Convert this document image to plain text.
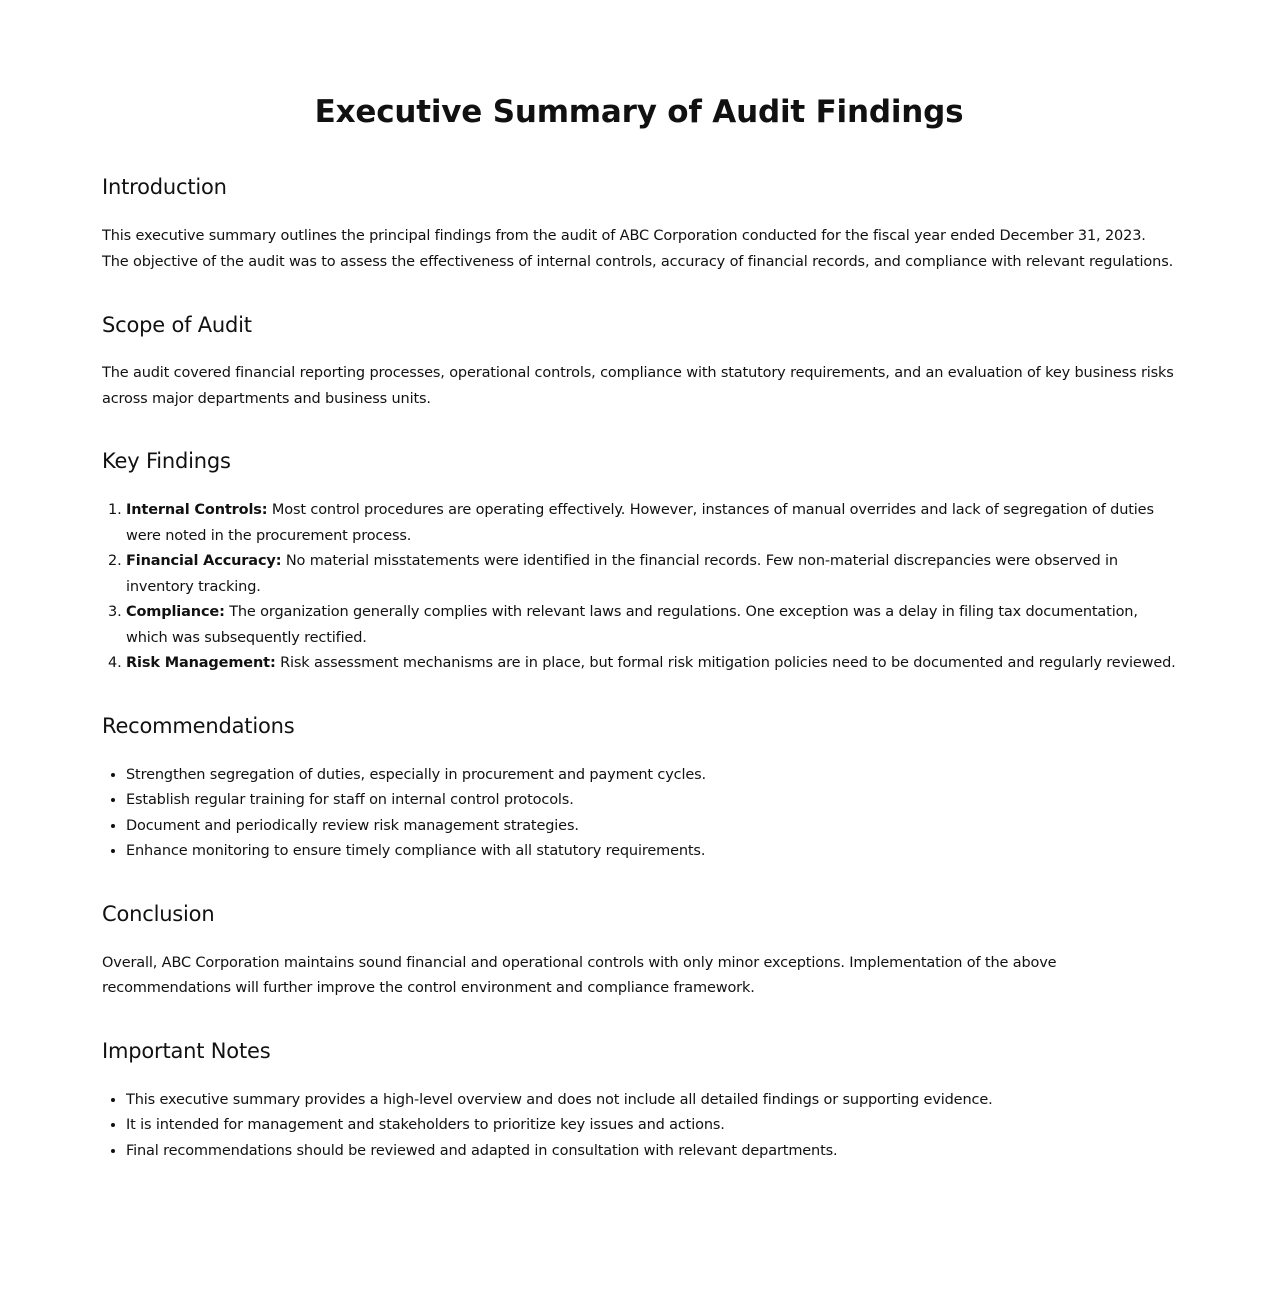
Executive Summary of Audit Findings
Introduction

This executive summary outlines the principal findings from the audit of ABC Corporation conducted for the fiscal year ended December 31, 2023. The objective of the audit was to assess the effectiveness of internal controls, accuracy of financial records, and compliance with relevant regulations.

Scope of Audit

The audit covered financial reporting processes, operational controls, compliance with statutory requirements, and an evaluation of key business risks across major departments and business units.

Key Findings
1. Internal Controls: Most control procedures are operating effectively. However, instances of manual overrides and lack of segregation of duties were noted in the procurement process.
2. Financial Accuracy: No material misstatements were identified in the financial records. Few non-material discrepancies were observed in inventory tracking.
3. Compliance: The organization generally complies with relevant laws and regulations. One exception was a delay in filing tax documentation, which was subsequently rectified.
4. Risk Management: Risk assessment mechanisms are in place, but formal risk mitigation policies need to be documented and regularly reviewed.
Recommendations
• Strengthen segregation of duties, especially in procurement and payment cycles.
• Establish regular training for staff on internal control protocols.
• Document and periodically review risk management strategies.
• Enhance monitoring to ensure timely compliance with all statutory requirements.
Conclusion

Overall, ABC Corporation maintains sound financial and operational controls with only minor exceptions. Implementation of the above recommendations will further improve the control environment and compliance framework.

Important Notes
• This executive summary provides a high-level overview and does not include all detailed findings or supporting evidence.
• It is intended for management and stakeholders to prioritize key issues and actions.
• Final recommendations should be reviewed and adapted in consultation with relevant departments.
